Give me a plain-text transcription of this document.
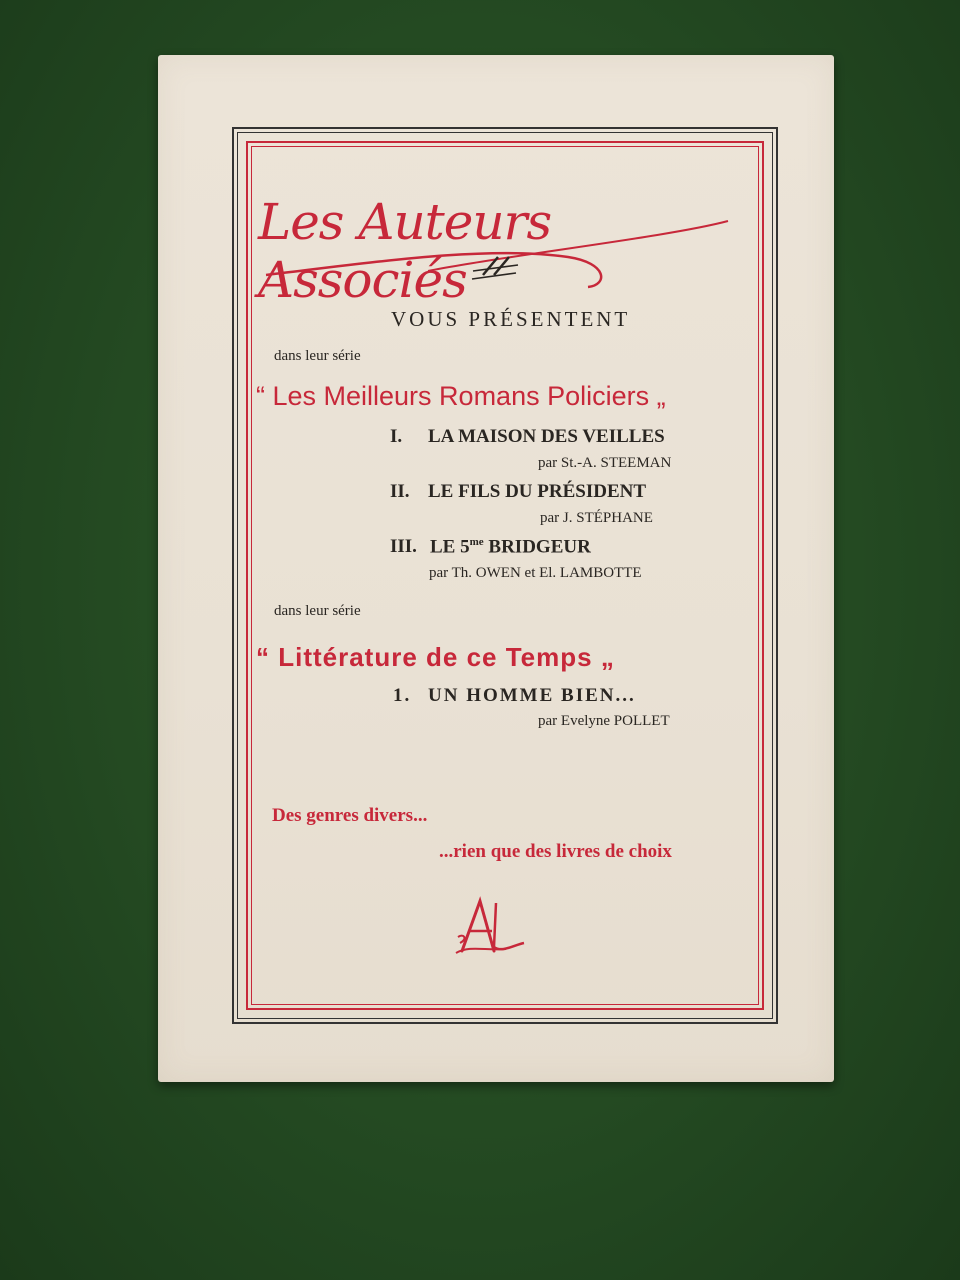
Les Auteurs Associés

VOUS PRÉSENTENT

dans leur série

“ Les Meilleurs Romans Policiers „

I. LA MAISON DES VEILLES

par St.-A. STEEMAN

II. LE FILS DU PRÉSIDENT

par J. STÉPHANE

III. LE $5^{me}$ BRIDGEUR

par Th. OWEN et El. LAMBOTTE

dans leur série

“ Littérature de ce Temps „

1. UN HOMME BIEN...

par Evelyne POLLET

Des genres divers...

...rien que des livres de choix
